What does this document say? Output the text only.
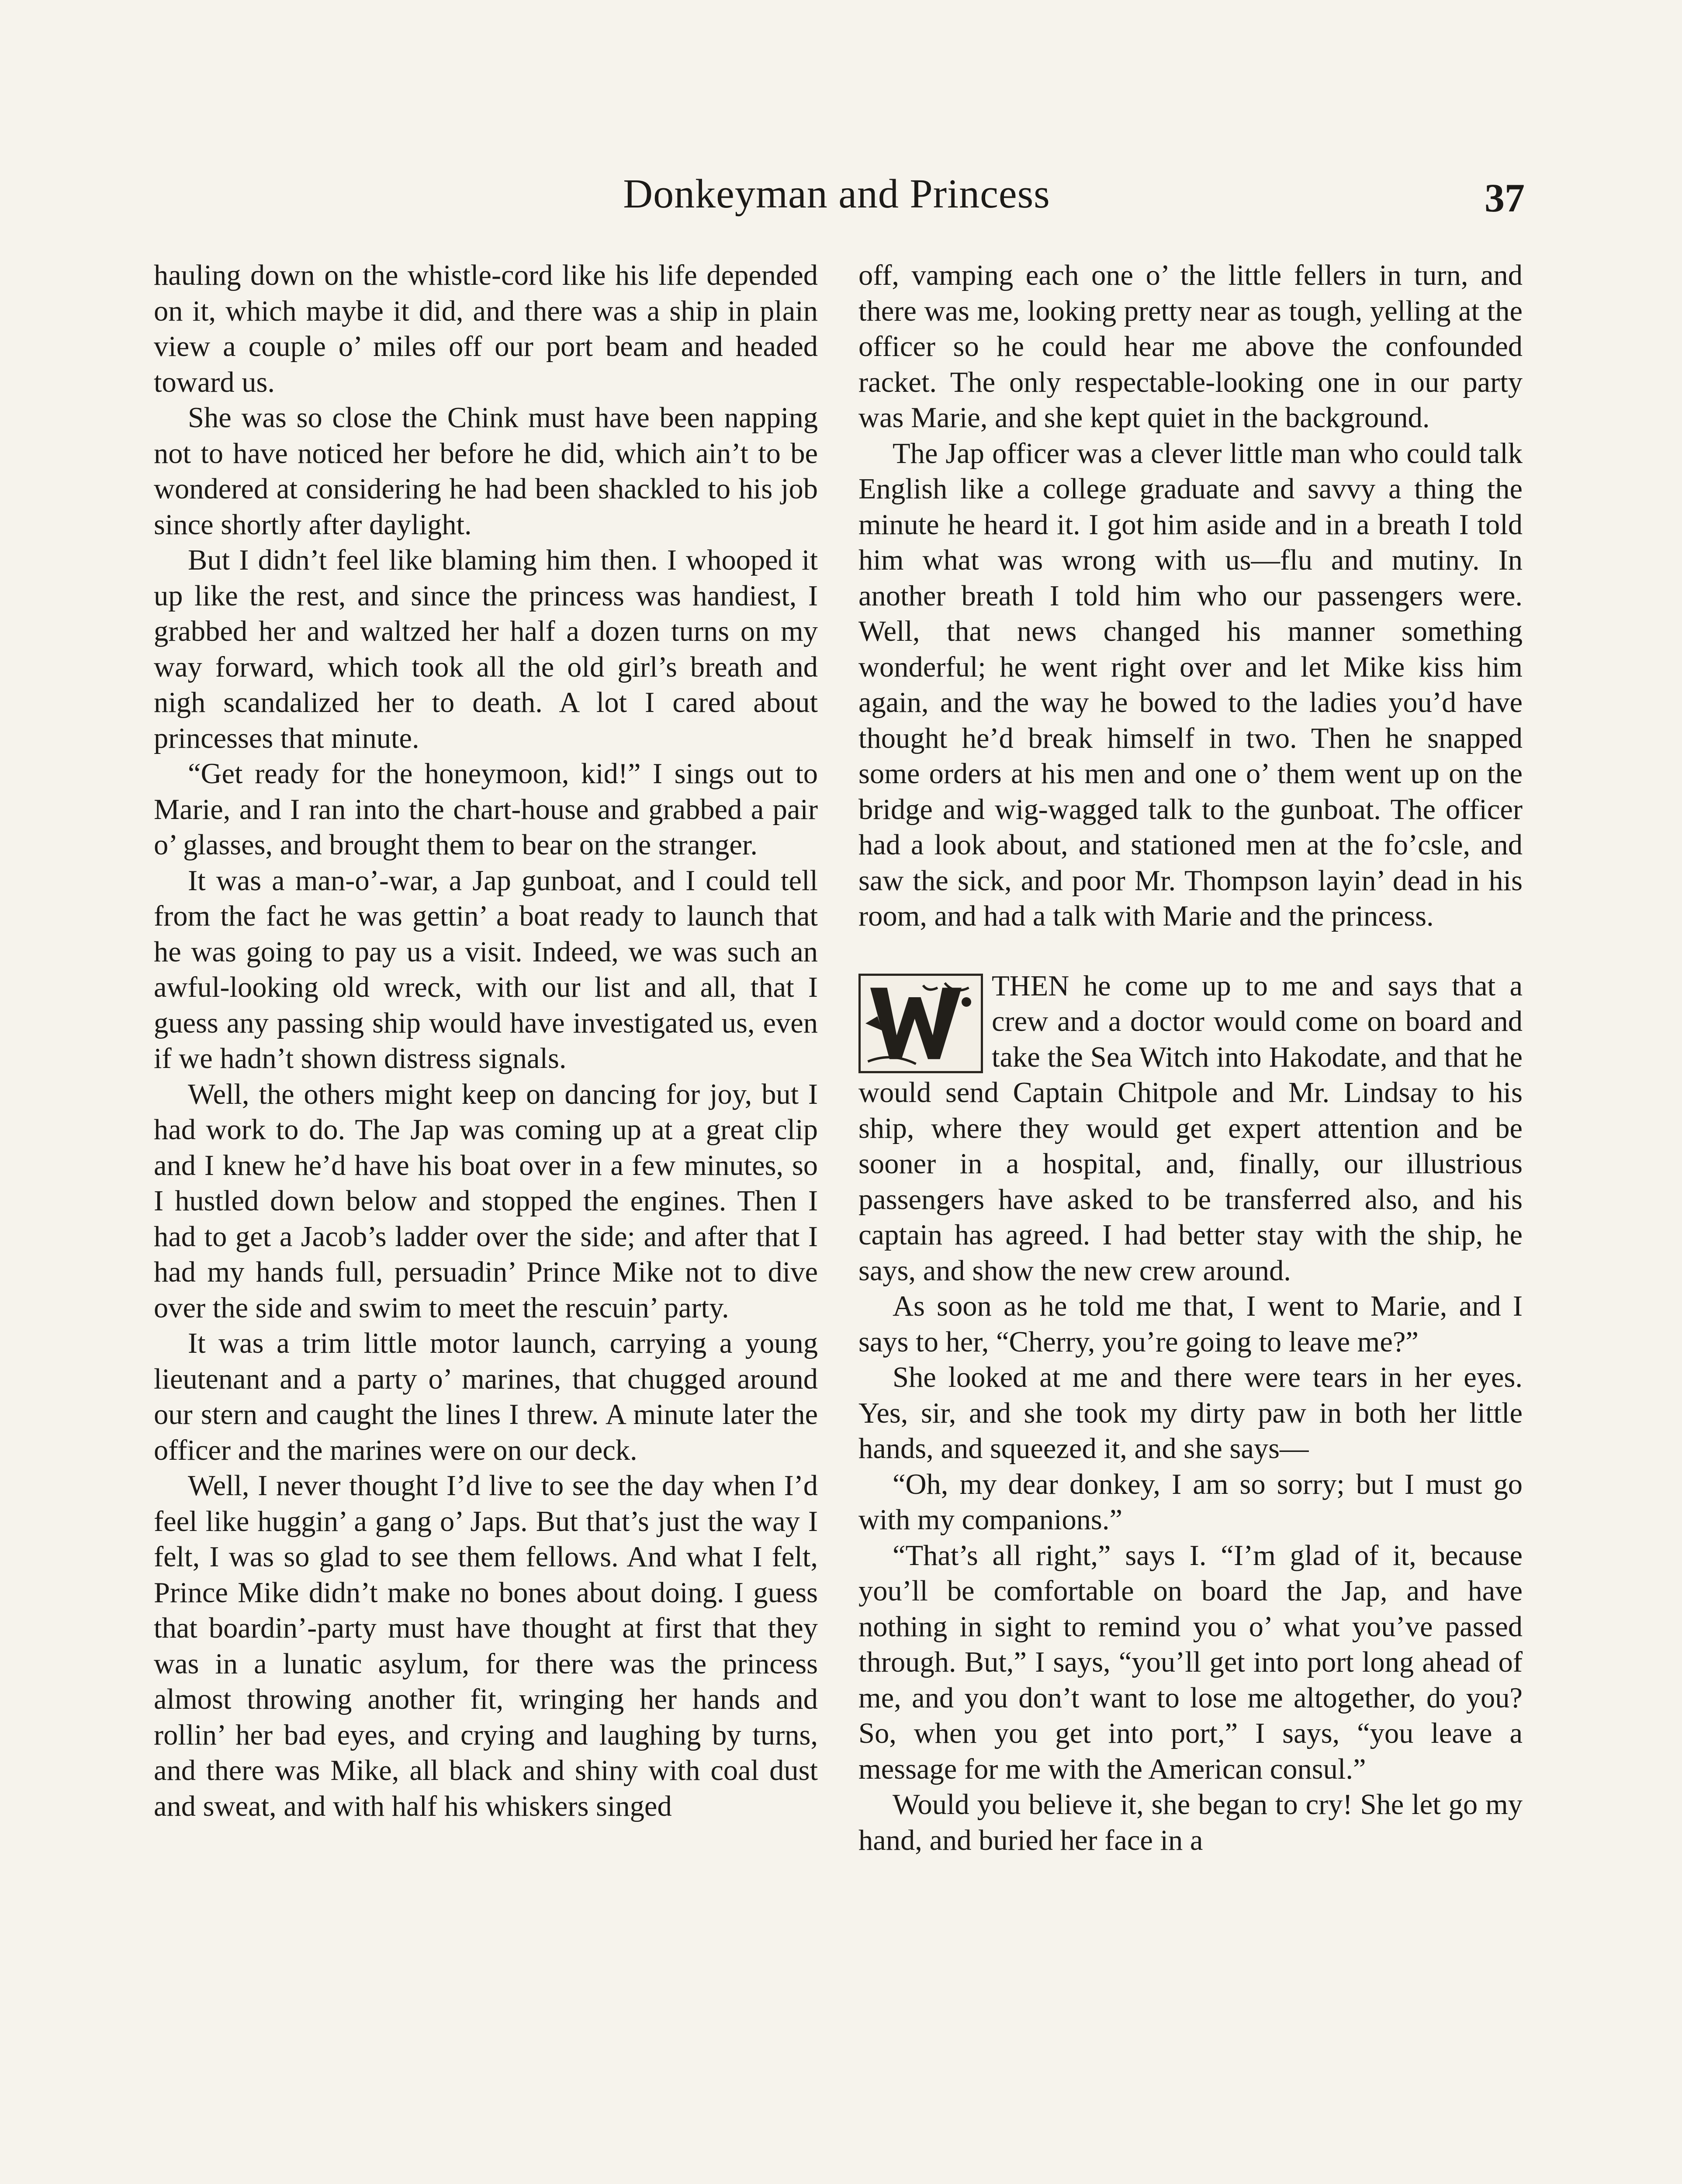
Donkeyman and Princess	37

hauling down on the whistle-cord like his life depended on it, which maybe it did, and there was a ship in plain view a couple o’ miles off our port beam and headed toward us.

She was so close the Chink must have been napping not to have noticed her before he did, which ain’t to be wondered at considering he had been shackled to his job since shortly after daylight.

But I didn’t feel like blaming him then. I whooped it up like the rest, and since the princess was handiest, I grabbed her and waltzed her half a dozen turns on my way forward, which took all the old girl’s breath and nigh scandalized her to death. A lot I cared about princesses that minute.

“Get ready for the honeymoon, kid!” I sings out to Marie, and I ran into the chart-house and grabbed a pair o’ glasses, and brought them to bear on the stranger.

It was a man-o’-war, a Jap gunboat, and I could tell from the fact he was gettin’ a boat ready to launch that he was going to pay us a visit. Indeed, we was such an awful-looking old wreck, with our list and all, that I guess any passing ship would have investigated us, even if we hadn’t shown distress signals.

Well, the others might keep on dancing for joy, but I had work to do. The Jap was coming up at a great clip and I knew he’d have his boat over in a few minutes, so I hustled down below and stopped the engines. Then I had to get a Jacob’s ladder over the side; and after that I had my hands full, persuadin’ Prince Mike not to dive over the side and swim to meet the rescuin’ party.

It was a trim little motor launch, carrying a young lieutenant and a party o’ marines, that chugged around our stern and caught the lines I threw. A minute later the officer and the marines were on our deck.

Well, I never thought I’d live to see the day when I’d feel like huggin’ a gang o’ Japs. But that’s just the way I felt, I was so glad to see them fellows. And what I felt, Prince Mike didn’t make no bones about doing. I guess that boardin’-party must have thought at first that they was in a lunatic asylum, for there was the princess almost throwing another fit, wringing her hands and rollin’ her bad eyes, and crying and laughing by turns, and there was Mike, all black and shiny with coal dust and sweat, and with half his whiskers singed

off, vamping each one o’ the little fellers in turn, and there was me, looking pretty near as tough, yelling at the officer so he could hear me above the confounded racket. The only respectable-looking one in our party was Marie, and she kept quiet in the background.

The Jap officer was a clever little man who could talk English like a college graduate and savvy a thing the minute he heard it. I got him aside and in a breath I told him what was wrong with us—flu and mutiny. In another breath I told him who our passengers were. Well, that news changed his manner something wonderful; he went right over and let Mike kiss him again, and the way he bowed to the ladies you’d have thought he’d break himself in two. Then he snapped some orders at his men and one o’ them went up on the bridge and wig-wagged talk to the gunboat. The officer had a look about, and stationed men at the fo’csle, and saw the sick, and poor Mr. Thompson layin’ dead in his room, and had a talk with Marie and the princess.

THEN he come up to me and says that a crew and a doctor would come on board and take the Sea Witch into Hakodate, and that he would send Captain Chitpole and Mr. Lindsay to his ship, where they would get expert attention and be sooner in a hospital, and, finally, our illustrious passengers have asked to be transferred also, and his captain has agreed. I had better stay with the ship, he says, and show the new crew around.

As soon as he told me that, I went to Marie, and I says to her, “Cherry, you’re going to leave me?”

She looked at me and there were tears in her eyes. Yes, sir, and she took my dirty paw in both her little hands, and squeezed it, and she says—

“Oh, my dear donkey, I am so sorry; but I must go with my companions.”

“That’s all right,” says I. “I’m glad of it, because you’ll be comfortable on board the Jap, and have nothing in sight to remind you o’ what you’ve passed through. But,” I says, “you’ll get into port long ahead of me, and you don’t want to lose me altogether, do you? So, when you get into port,” I says, “you leave a message for me with the American consul.”

Would you believe it, she began to cry! She let go my hand, and buried her face in a
